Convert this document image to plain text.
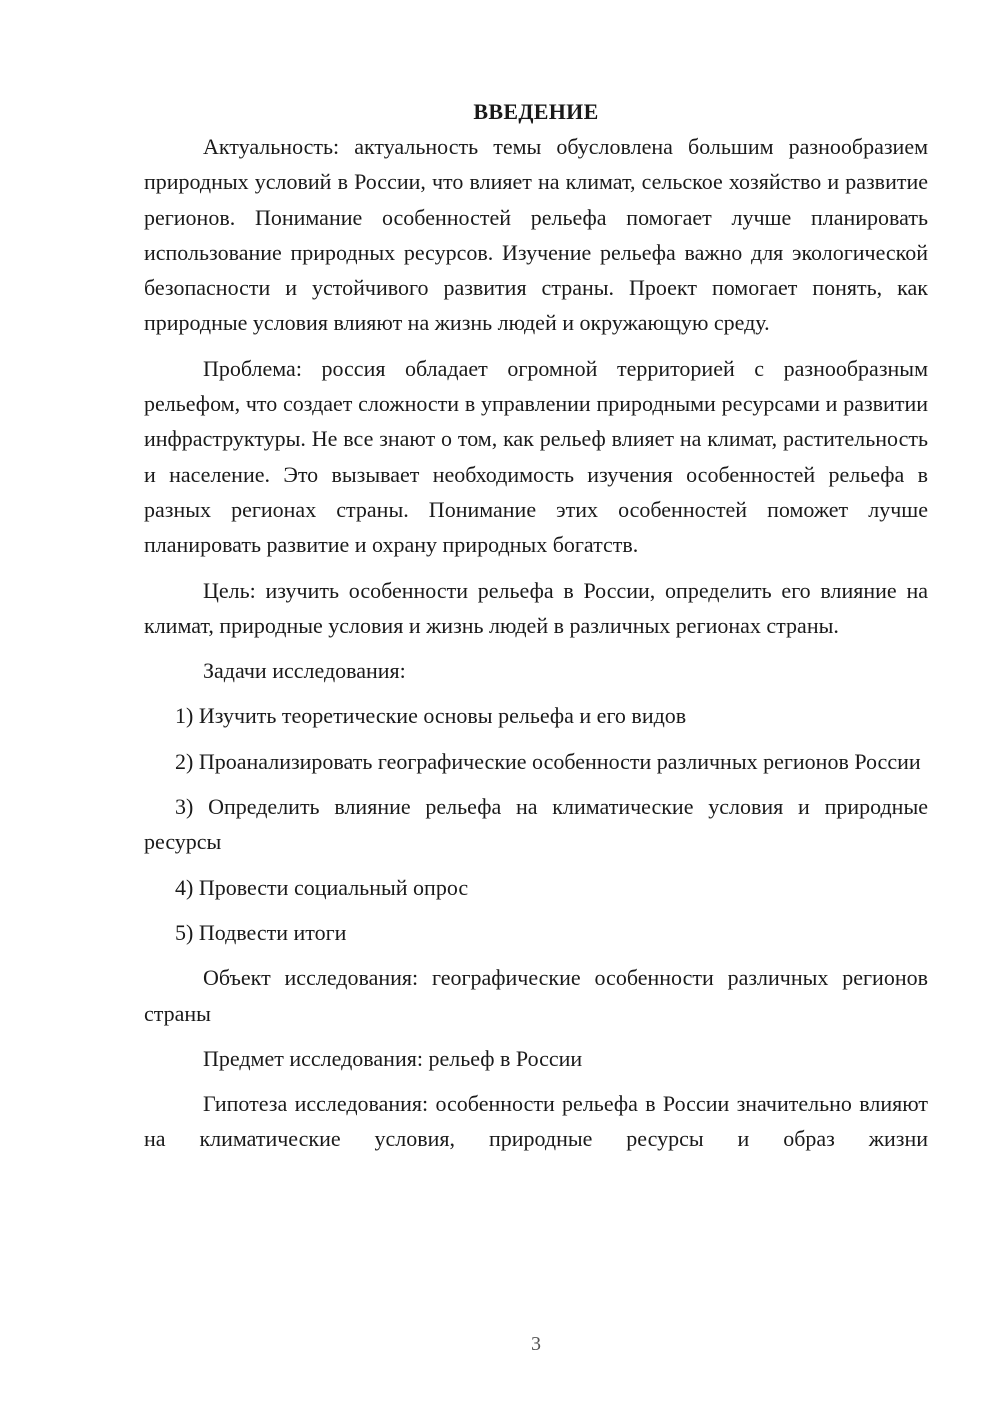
ВВЕДЕНИЕ

Актуальность: актуальность темы обусловлена большим разнообразием природных условий в России, что влияет на климат, сельское хозяйство и развитие регионов. Понимание особенностей рельефа помогает лучше планировать использование природных ресурсов. Изучение рельефа важно для экологической безопасности и устойчивого развития страны. Проект помогает понять, как природные условия влияют на жизнь людей и окружающую среду.

Проблема: россия обладает огромной территорией с разнообразным рельефом, что создает сложности в управлении природными ресурсами и развитии инфраструктуры. Не все знают о том, как рельеф влияет на климат, растительность и население. Это вызывает необходимость изучения особенностей рельефа в разных регионах страны. Понимание этих особенностей поможет лучше планировать развитие и охрану природных богатств.

Цель: изучить особенности рельефа в России, определить его влияние на климат, природные условия и жизнь людей в различных регионах страны.

Задачи исследования:

1) Изучить теоретические основы рельефа и его видов

2) Проанализировать географические особенности различных регионов России

3) Определить влияние рельефа на климатические условия и природные ресурсы

4) Провести социальный опрос

5) Подвести итоги

Объект исследования: географические особенности различных регионов страны

Предмет исследования: рельеф в России

Гипотеза исследования: особенности рельефа в России значительно влияют на климатические условия, природные ресурсы и образ жизни

3
